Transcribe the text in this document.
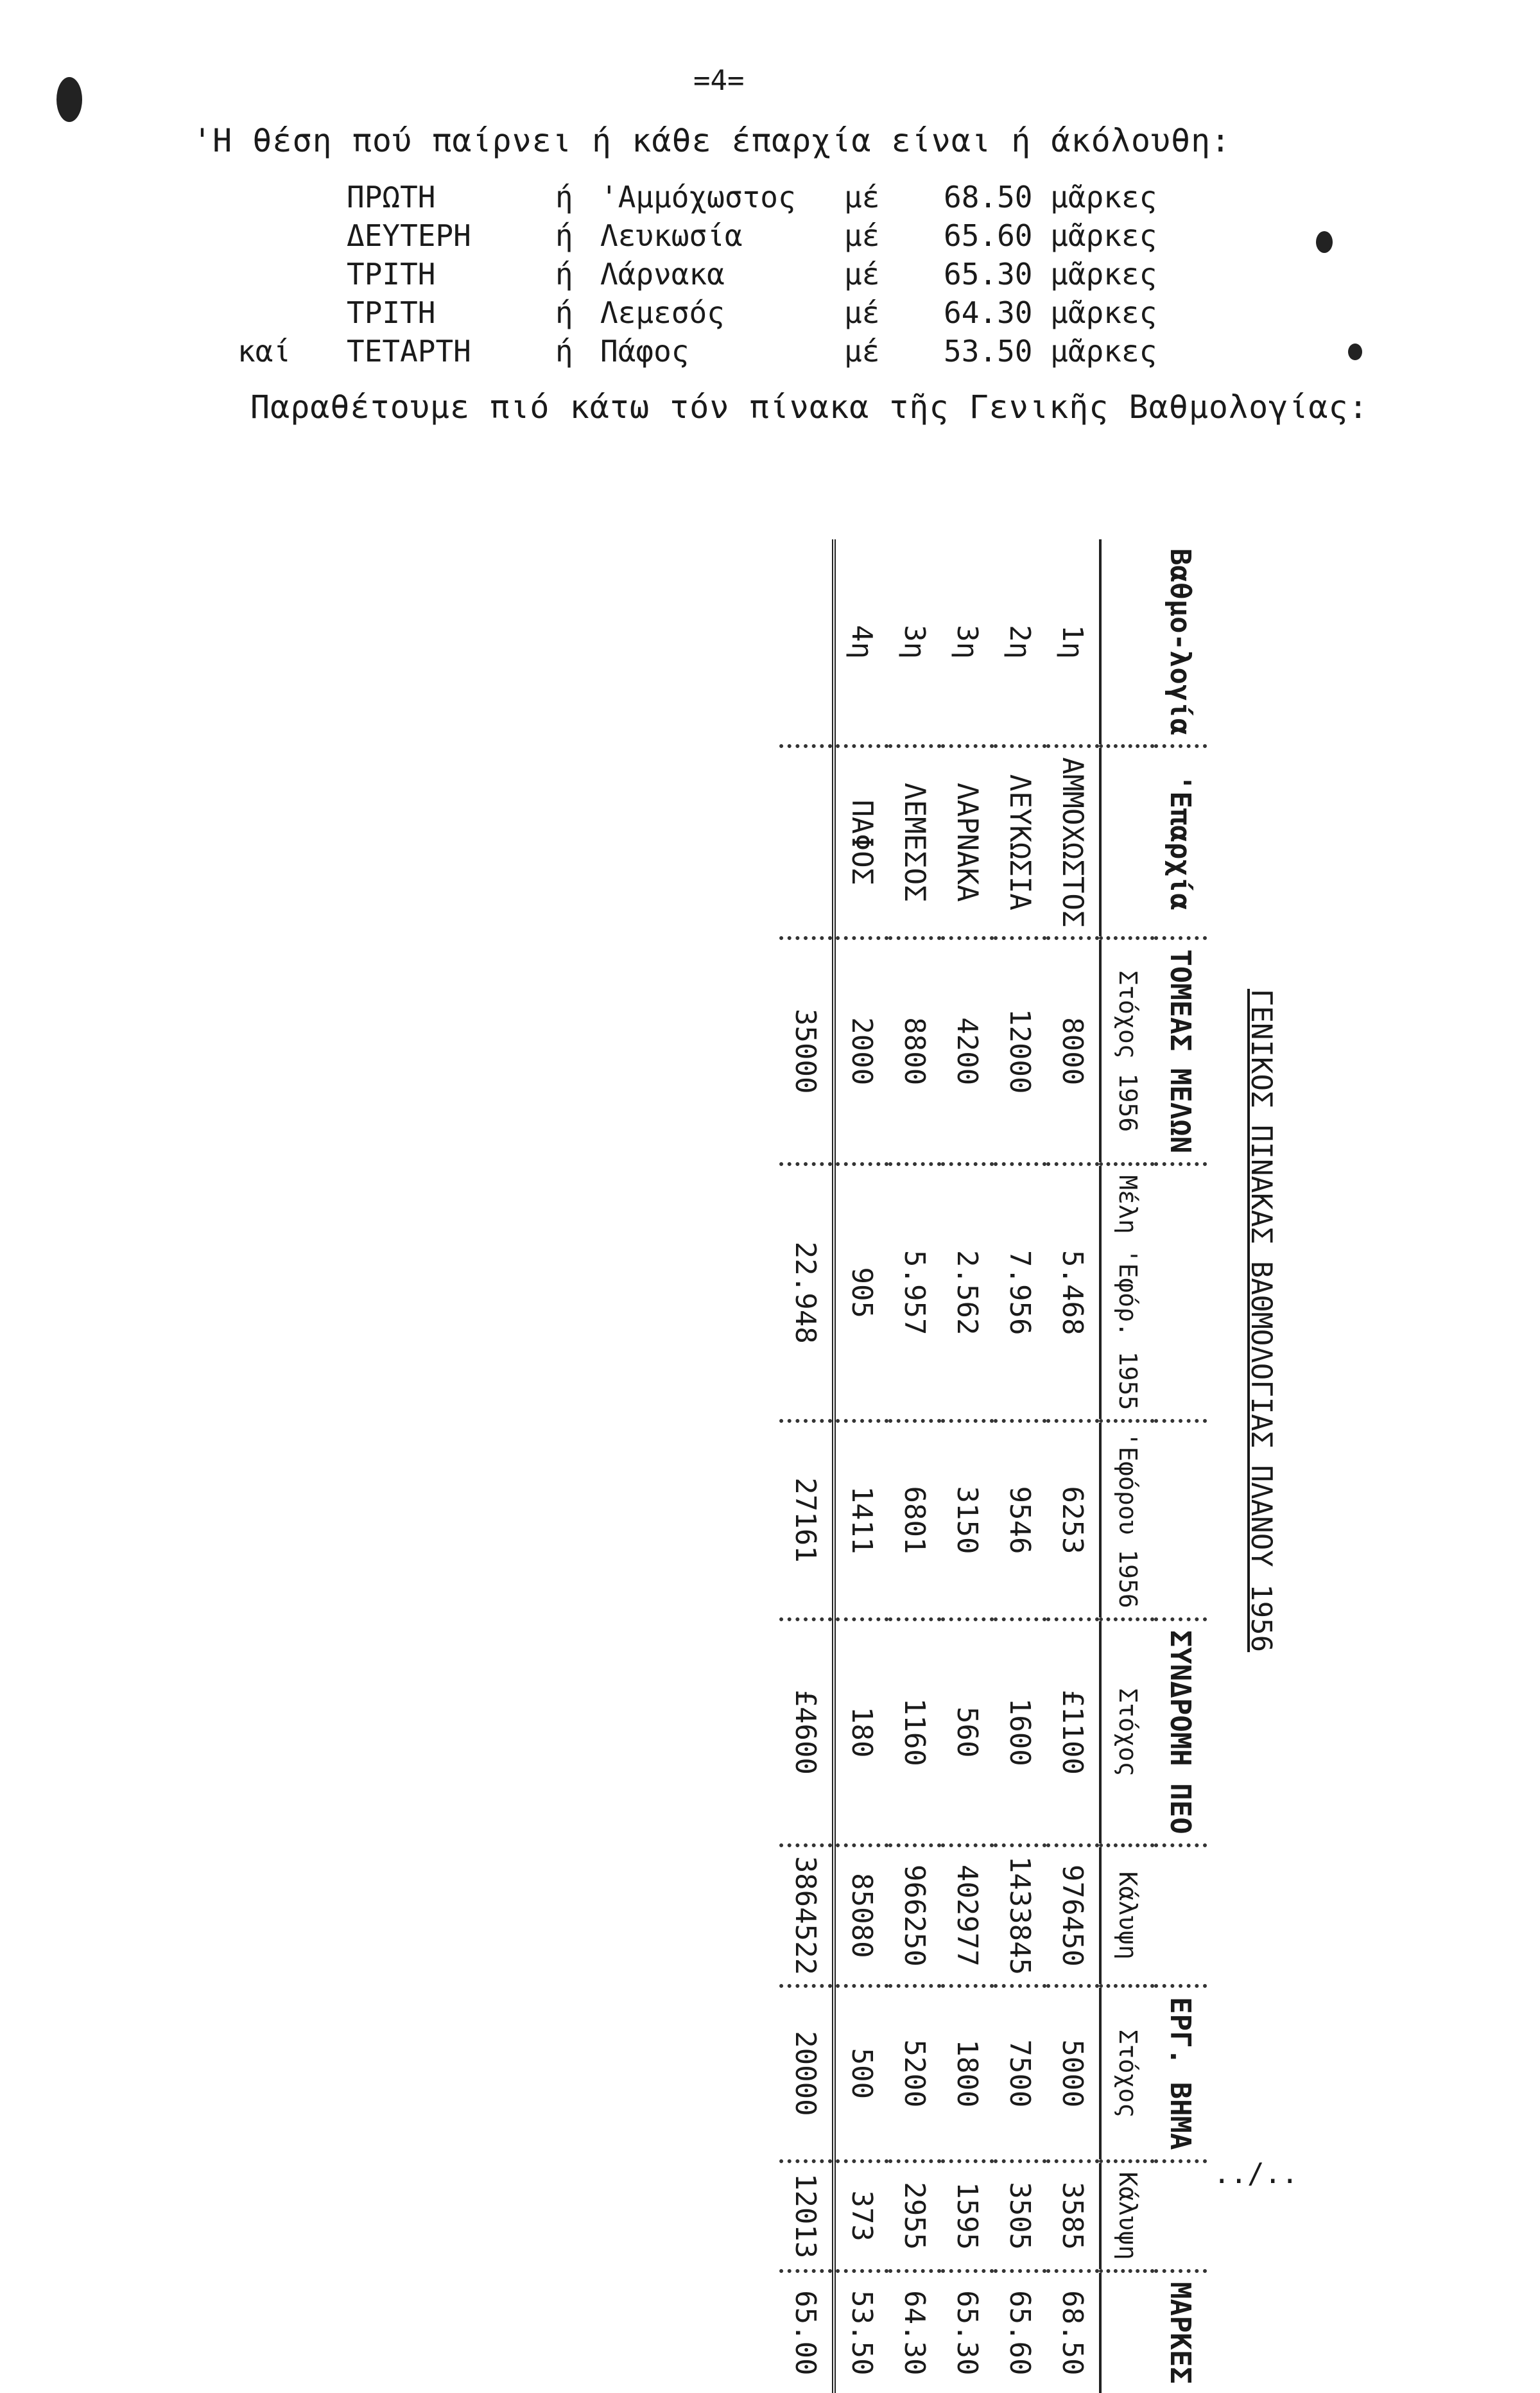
=4=
'Η θέση πού παίρνει ή κάθε έπαρχία είναι ή άκόλουθη:
ΠΡΩΤΗ	ή 'Αμμόχωστος μέ 68.50 μᾶρκες
ΔΕΥΤΕΡΗ	ή Λευκωσία	μέ 65.60 μᾶρκες
ΤΡΙΤΗ	ή Λάρνακα	μέ 65.30 μᾶρκες
ΤΡΙΤΗ	ή Λεμεσός	μέ 64.30 μᾶρκες
καί ΤΕΤΑΡΤΗ	ή Πάφος	μέ 53.50 μᾶρκες
Παραθέτουμε πιό κάτω τόν πίνακα τῆς Γενικῆς Βαθμολογίας:
ΓΕΝΙΚΟΣ ΠΙΝΑΚΑΣ ΒΑΘΜΟΛΟΓΙΑΣ ΠΛΑΝΟΥ 1956
Βαθμο-λογία	'Επαρχία	ΤΟΜΕΑΣ ΜΕΛΩΝ			ΣΥΝΔΡΟΜΗ ΠΕΟ		ΕΡΓ. ΒΗΜΑ		ΜΑΡΚΕΣ
		Στόχος 1956	Μέλη 'Εφόρ. 1955	'Εφόρου 1956	Στόχος	Κάλυψη	Στόχος	Κάλυψη	
1η	ΑΜΜΟΧΩΣΤΟΣ	8000	5.468	6253	£1100	976450	5000	3585	68.50
2η	ΛΕΥΚΩΣΙΑ	12000	7.956	9546	1600	1433845	7500	3505	65.60
3η	ΛΑΡΝΑΚΑ	4200	2.562	3150	560	402977	1800	1595	65.30
3η	ΛΕΜΕΣΟΣ	8800	5.957	6801	1160	966250	5200	2955	64.30
4η	ΠΑΦΟΣ	2000	905	1411	180	85080	500	373	53.50
		35000	22.948	27161	£4600	3864522	20000	12013	65.00
../..
